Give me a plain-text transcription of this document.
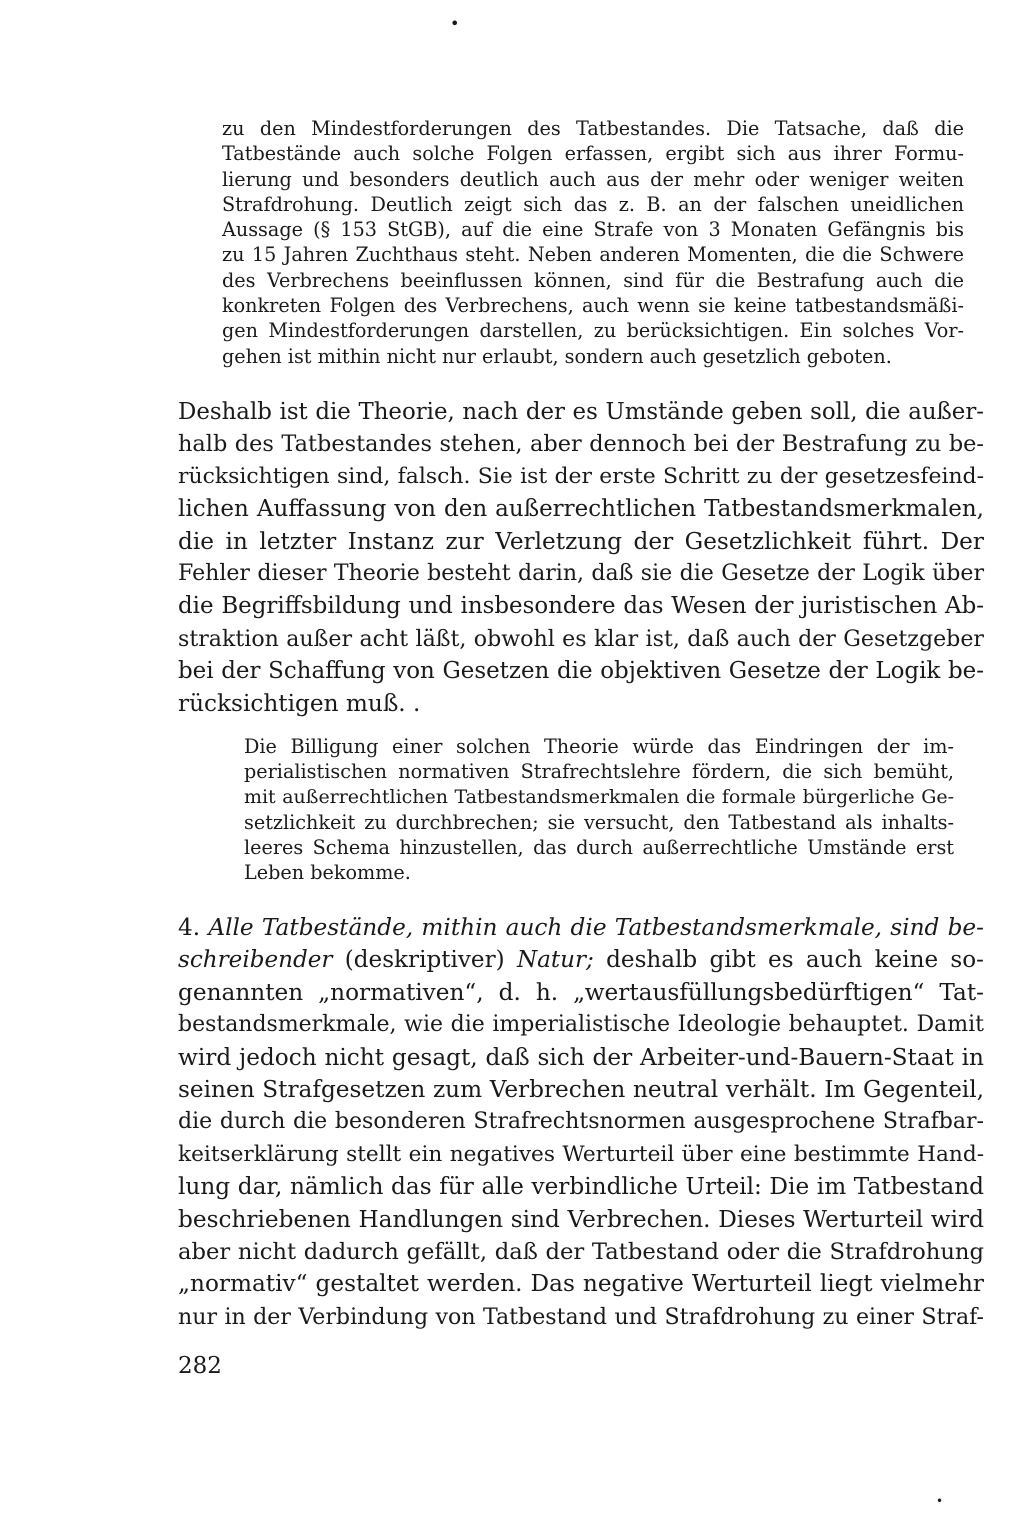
•
zu den Mindestforderungen des Tatbestandes. Die Tatsache, daß die
Tatbestände auch solche Folgen erfassen, ergibt sich aus ihrer Formu-
lierung und besonders deutlich auch aus der mehr oder weniger weiten
Strafdrohung. Deutlich zeigt sich das z. B. an der falschen uneidlichen
Aussage (§ 153 StGB), auf die eine Strafe von 3 Monaten Gefängnis bis
zu 15 Jahren Zuchthaus steht. Neben anderen Momenten, die die Schwere
des Verbrechens beeinflussen können, sind für die Bestrafung auch die
konkreten Folgen des Verbrechens, auch wenn sie keine tatbestandsmäßi-
gen Mindestforderungen darstellen, zu berücksichtigen. Ein solches Vor-
gehen ist mithin nicht nur erlaubt, sondern auch gesetzlich geboten.
Deshalb ist die Theorie, nach der es Umstände geben soll, die außer-
halb des Tatbestandes stehen, aber dennoch bei der Bestrafung zu be-
rücksichtigen sind, falsch. Sie ist der erste Schritt zu der gesetzesfeind-
lichen Auffassung von den außerrechtlichen Tatbestandsmerkmalen,
die in letzter Instanz zur Verletzung der Gesetzlichkeit führt. Der
Fehler dieser Theorie besteht darin, daß sie die Gesetze der Logik über
die Begriffsbildung und insbesondere das Wesen der juristischen Ab-
straktion außer acht läßt, obwohl es klar ist, daß auch der Gesetzgeber
bei der Schaffung von Gesetzen die objektiven Gesetze der Logik be-
rücksichtigen muß. .
Die Billigung einer solchen Theorie würde das Eindringen der im-
perialistischen normativen Strafrechtslehre fördern, die sich bemüht,
mit außerrechtlichen Tatbestandsmerkmalen die formale bürgerliche Ge-
setzlichkeit zu durchbrechen; sie versucht, den Tatbestand als inhalts-
leeres Schema hinzustellen, das durch außerrechtliche Umstände erst
Leben bekomme.
4. Alle Tatbestände, mithin auch die Tatbestandsmerkmale, sind be-
schreibender (deskriptiver) Natur; deshalb gibt es auch keine so-
genannten „normativen“, d. h. „wertausfüllungsbedürftigen“ Tat-
bestandsmerkmale, wie die imperialistische Ideologie behauptet. Damit
wird jedoch nicht gesagt, daß sich der Arbeiter-und-Bauern-Staat in
seinen Strafgesetzen zum Verbrechen neutral verhält. Im Gegenteil,
die durch die besonderen Strafrechtsnormen ausgesprochene Strafbar-
keitserklärung stellt ein negatives Werturteil über eine bestimmte Hand-
lung dar, nämlich das für alle verbindliche Urteil: Die im Tatbestand
beschriebenen Handlungen sind Verbrechen. Dieses Werturteil wird
aber nicht dadurch gefällt, daß der Tatbestand oder die Strafdrohung
„normativ“ gestaltet werden. Das negative Werturteil liegt vielmehr
nur in der Verbindung von Tatbestand und Strafdrohung zu einer Straf-

282

•
